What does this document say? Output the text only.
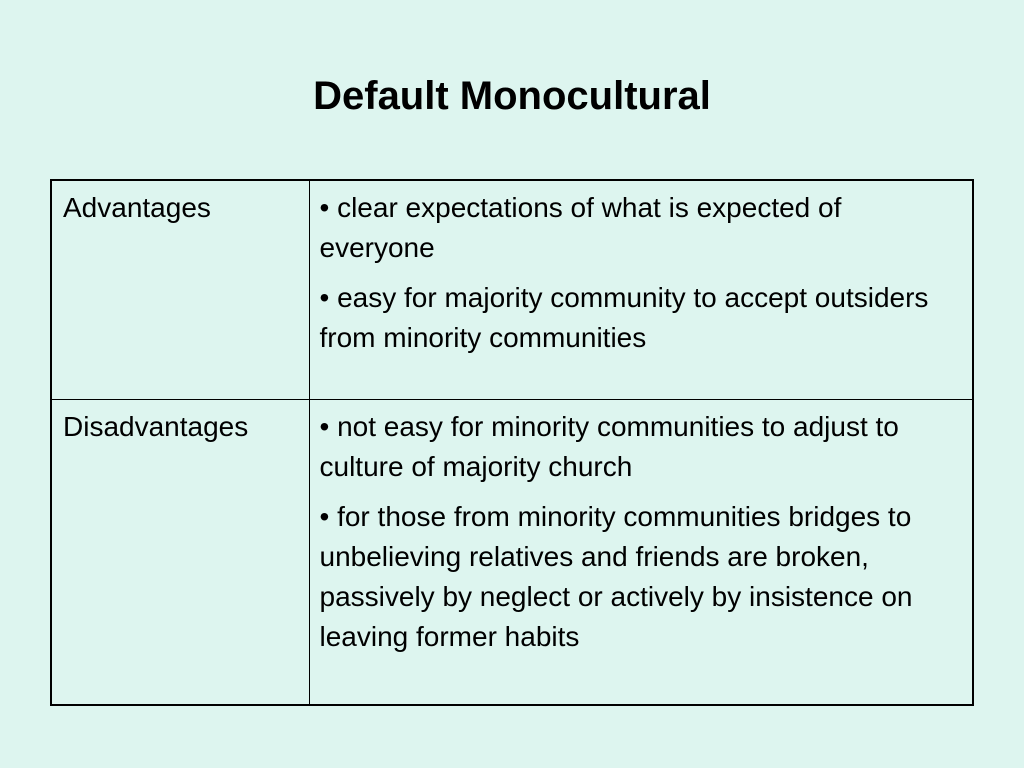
Default Monocultural
Advantages	• clear expectations of what is expected of everyone
• easy for majority community to accept outsiders from minority communities

Disadvantages	• not easy for minority communities to adjust to culture of majority church
• for those from minority communities bridges to unbelieving relatives and friends are broken, passively by neglect or actively by insistence on leaving former habits
